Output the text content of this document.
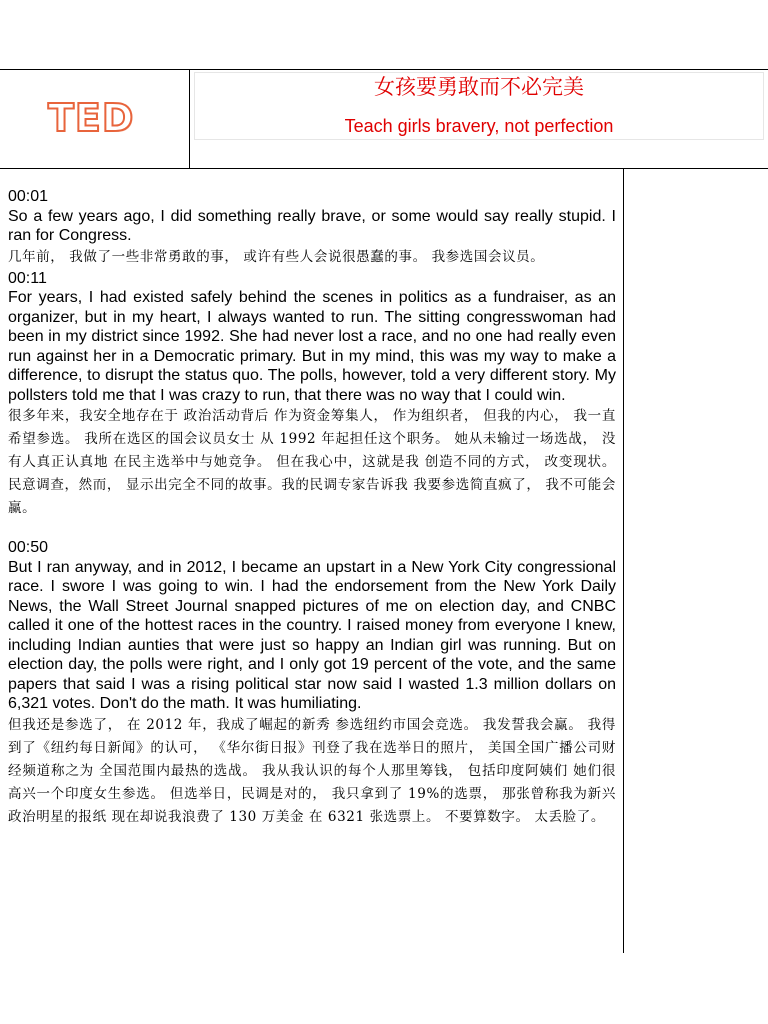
TED
女孩要勇敢而不必完美
Teach girls bravery, not perfection
00:01
So a few years ago, I did something really brave, or some would say really stupid. I ran for Congress.
几年前， 我做了一些非常勇敢的事， 或许有些人会说很愚蠢的事。 我参选国会议员。
00:11
For years, I had existed safely behind the scenes in politics as a fundraiser, as an organizer, but in my heart, I always wanted to run. The sitting congresswoman had been in my district since 1992. She had never lost a race, and no one had really even run against her in a Democratic primary. But in my mind, this was my way to make a difference, to disrupt the status quo. The polls, however, told a very different story. My pollsters told me that I was crazy to run, that there was no way that I could win.
很多年来，我安全地存在于 政治活动背后 作为资金筹集人， 作为组织者， 但我的内心， 我一直希望参选。 我所在选区的国会议员女士 从 1992 年起担任这个职务。 她从未输过一场选战， 没有人真正认真地 在民主选举中与她竞争。 但在我心中，这就是我 创造不同的方式， 改变现状。 民意调查，然而， 显示出完全不同的故事。我的民调专家告诉我 我要参选简直疯了， 我不可能会赢。
00:50
But I ran anyway, and in 2012, I became an upstart in a New York City congressional race. I swore I was going to win. I had the endorsement from the New York Daily News, the Wall Street Journal snapped pictures of me on election day, and CNBC called it one of the hottest races in the country. I raised money from everyone I knew, including Indian aunties that were just so happy an Indian girl was running. But on election day, the polls were right, and I only got 19 percent of the vote, and the same papers that said I was a rising political star now said I wasted 1.3 million dollars on 6,321 votes. Don't do the math. It was humiliating.
但我还是参选了， 在 2012 年，我成了崛起的新秀 参选纽约市国会竞选。 我发誓我会赢。 我得到了《纽约每日新闻》的认可， 《华尔街日报》刊登了我在选举日的照片， 美国全国广播公司财经频道称之为 全国范围内最热的选战。 我从我认识的每个人那里筹钱， 包括印度阿姨们 她们很高兴一个印度女生参选。 但选举日，民调是对的， 我只拿到了 19%的选票， 那张曾称我为新兴政治明星的报纸 现在却说我浪费了 130 万美金 在 6321 张选票上。 不要算数字。 太丢脸了。
